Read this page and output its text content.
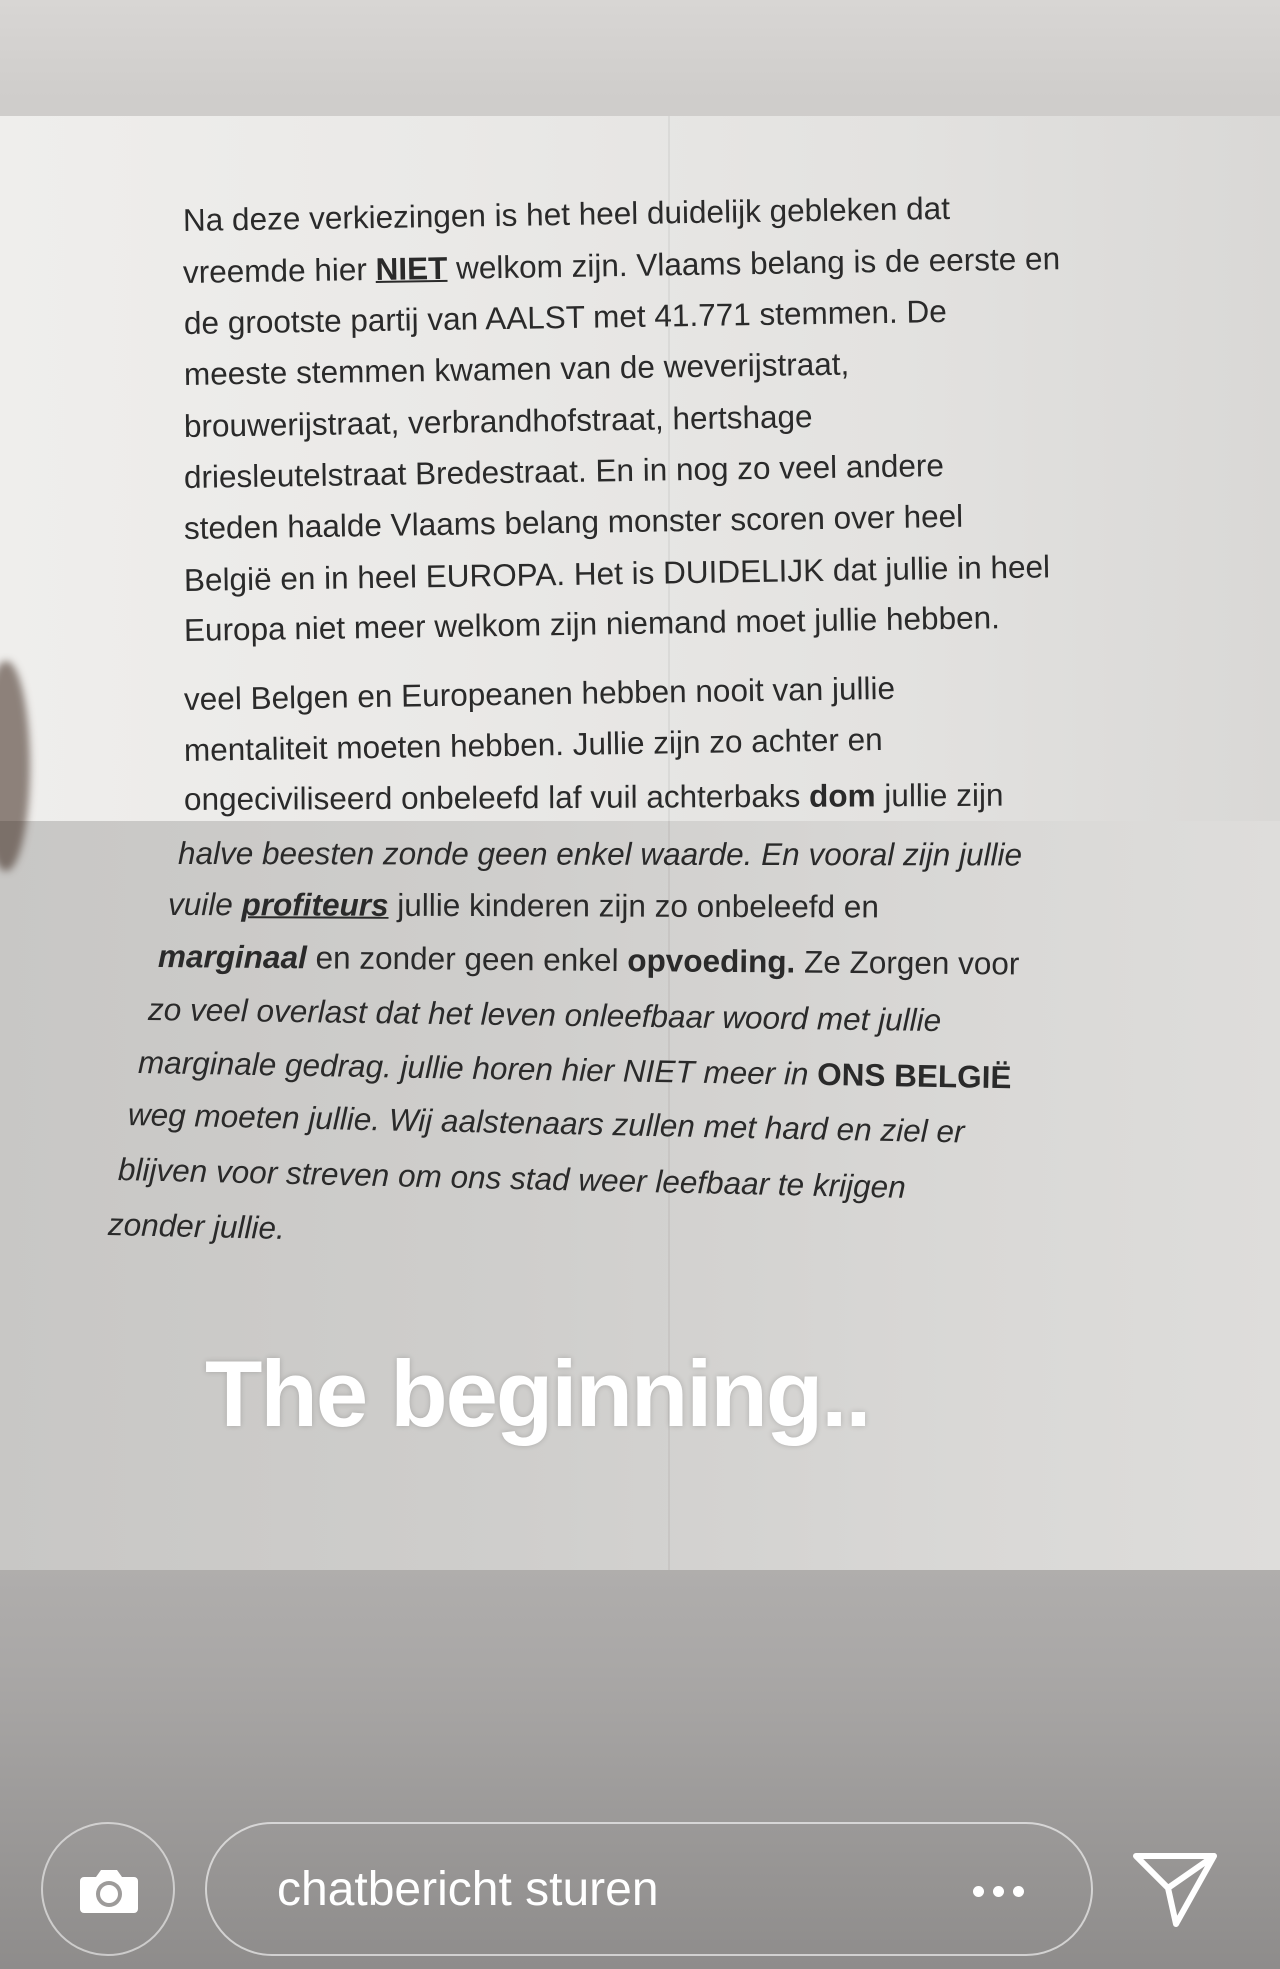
Na deze verkiezingen is het heel duidelijk gebleken dat
vreemde hier NIET welkom zijn. Vlaams belang is de eerste en
de grootste partij van AALST met 41.771 stemmen. De
meeste stemmen kwamen van de weverijstraat,
brouwerijstraat, verbrandhofstraat, hertshage
driesleutelstraat Bredestraat. En in nog zo veel andere
steden haalde Vlaams belang monster scoren over heel
België en in heel EUROPA. Het is DUIDELIJK dat jullie in heel
Europa niet meer welkom zijn niemand moet jullie hebben.
veel Belgen en Europeanen hebben nooit van jullie
mentaliteit moeten hebben. Jullie zijn zo achter en
ongeciviliseerd onbeleefd laf vuil achterbaks dom jullie zijn
halve beesten zonde geen enkel waarde. En vooral zijn jullie
vuile profiteurs jullie kinderen zijn zo onbeleefd en
marginaal en zonder geen enkel opvoeding. Ze Zorgen voor
zo veel overlast dat het leven onleefbaar woord met jullie
marginale gedrag. jullie horen hier NIET meer in ONS BELGIË
weg moeten jullie. Wij aalstenaars zullen met hard en ziel er
blijven voor streven om ons stad weer leefbaar te krijgen
zonder jullie.
The beginning..
chatbericht sturen
